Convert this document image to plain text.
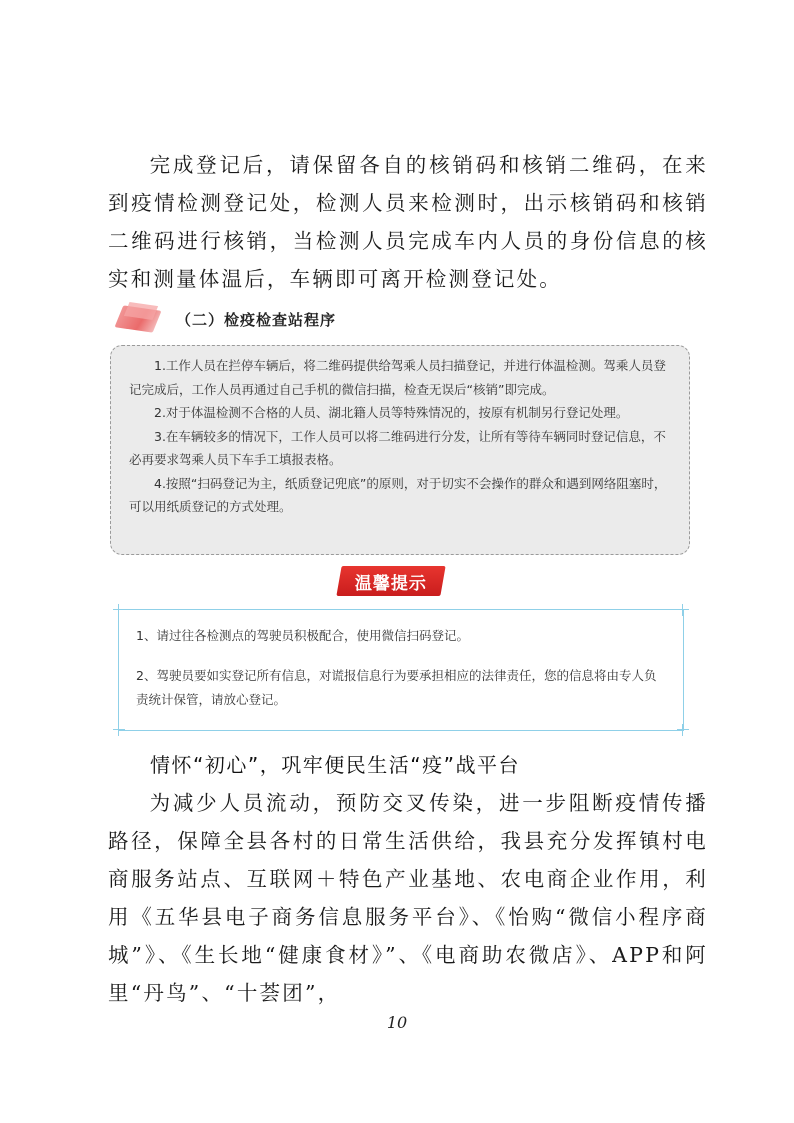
完成登记后，请保留各自的核销码和核销二维码，在来到疫情检测登记处，检测人员来检测时，出示核销码和核销二维码进行核销，当检测人员完成车内人员的身份信息的核实和测量体温后，车辆即可离开检测登记处。

（二）检疫检查站程序

1.工作人员在拦停车辆后，将二维码提供给驾乘人员扫描登记，并进行体温检测。驾乘人员登记完成后，工作人员再通过自己手机的微信扫描，检查无误后“核销”即完成。

2.对于体温检测不合格的人员、湖北籍人员等特殊情况的，按原有机制另行登记处理。

3.在车辆较多的情况下，工作人员可以将二维码进行分发，让所有等待车辆同时登记信息，不必再要求驾乘人员下车手工填报表格。

4.按照“扫码登记为主，纸质登记兜底”的原则，对于切实不会操作的群众和遇到网络阻塞时，可以用纸质登记的方式处理。

温馨提示

1、请过往各检测点的驾驶员积极配合，使用微信扫码登记。

2、驾驶员要如实登记所有信息，对谎报信息行为要承担相应的法律责任，您的信息将由专人负责统计保管，请放心登记。

情怀“初心”，巩牢便民生活“疫”战平台

为减少人员流动，预防交叉传染，进一步阻断疫情传播路径，保障全县各村的日常生活供给，我县充分发挥镇村电商服务站点、互联网＋特色产业基地、农电商企业作用，利用《五华县电子商务信息服务平台》、《怡购“微信小程序商城”》、《生长地“健康食材》”、《电商助农微店》、APP和阿里“丹鸟”、“十荟团”，

10
